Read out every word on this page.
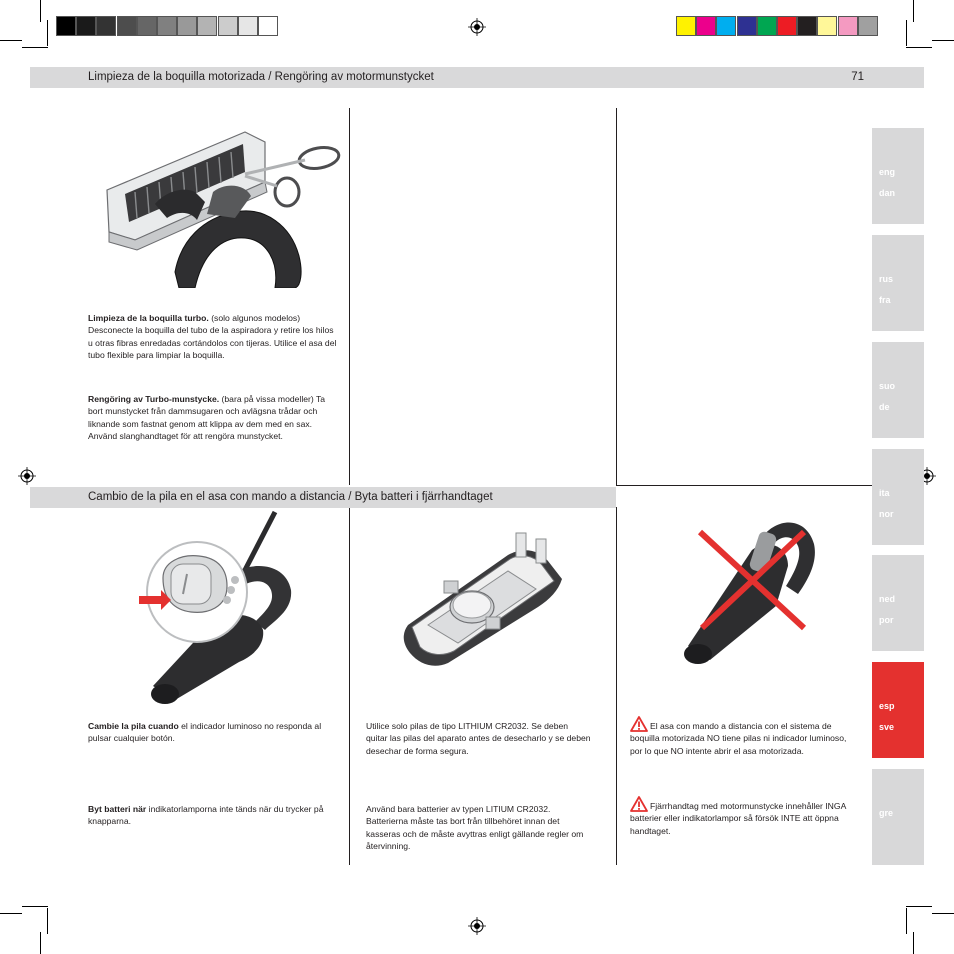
Limpieza de la boquilla motorizada / Rengöring av motormunstycket	71
Limpieza de la boquilla turbo. (solo algunos modelos) Desconecte la boquilla del tubo de la aspiradora y retire los hilos u otras fibras enredadas cortándolos con tijeras. Utilice el asa del tubo flexible para limpiar la boquilla.
Rengöring av Turbo-munstycke. (bara på vissa modeller) Ta bort munstycket från dammsugaren och avlägsna trådar och liknande som fastnat genom att klippa av dem med en sax. Använd slanghandtaget för att rengöra munstycket.
Cambio de la pila en el asa con mando a distancia / Byta batteri i fjärrhandtaget
Cambie la pila cuando el indicador luminoso no responda al pulsar cualquier botón.
Byt batteri när indikatorlamporna inte tänds när du trycker på knapparna.
Utilice solo pilas de tipo LITHIUM CR2032. Se deben quitar las pilas del aparato antes de desecharlo y se deben desechar de forma segura.
Använd bara batterier av typen LITIUM CR2032. Batterierna måste tas bort från tillbehöret innan det kasseras och de måste avyttras enligt gällande regler om återvinning.
El asa con mando a distancia con el sistema de boquilla motorizada NO tiene pilas ni indicador luminoso, por lo que NO intente abrir el asa motorizada.
Fjärrhandtag med motormunstycke innehåller INGA batterier eller indikatorlampor så försök INTE att öppna handtaget.
eng
dan
rus
fra
suo
de
ita
nor
ned
por
esp
sve
gre
